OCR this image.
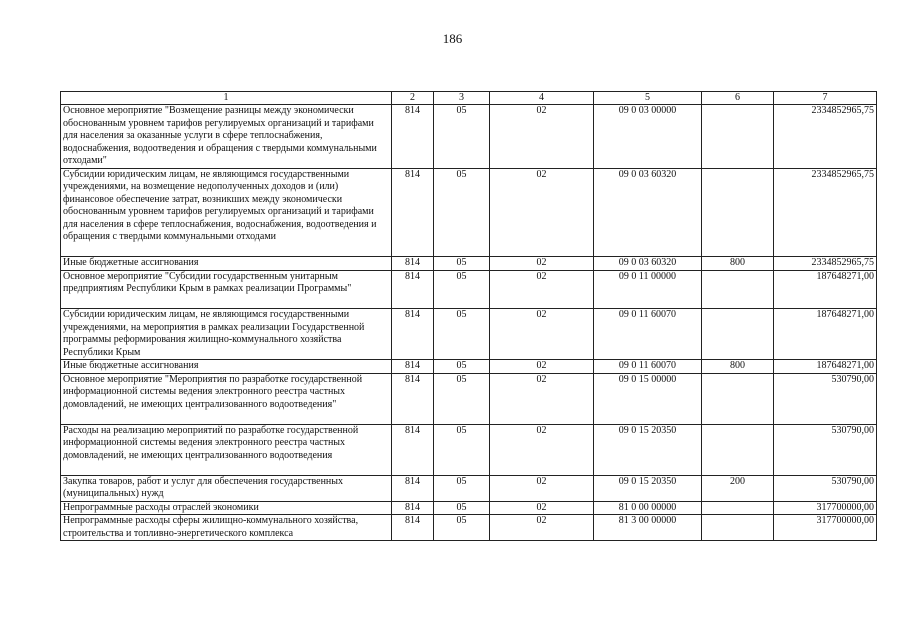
186
1	2	3	4	5	6	7
Основное мероприятие "Возмещение разницы между экономически обоснованным уровнем тарифов регулируемых организаций и тарифами для населения за оказанные услуги в сфере теплоснабжения, водоснабжения, водоотведения и обращения с твердыми коммунальными отходами"	814	05	02	09 0 03 00000		2334852965,75

Субсидии юридическим лицам, не являющимся государственными учреждениями, на возмещение недополученных доходов и (или) финансовое обеспечение затрат, возникших между экономически обоснованным уровнем тарифов регулируемых организаций и тарифами для населения в сфере теплоснабжения, водоснабжения, водоотведения и обращения с твердыми коммунальными отходами	814	05	02	09 0 03 60320		2334852965,75

Иные бюджетные ассигнования	814	05	02	09 0 03 60320	800	2334852965,75

Основное мероприятие "Субсидии государственным унитарным предприятиям Республики Крым в рамках реализации Программы"	814	05	02	09 0 11 00000		187648271,00

Субсидии юридическим лицам, не являющимся государственными учреждениями, на мероприятия в рамках реализации Государственной программы реформирования жилищно-коммунального хозяйства Республики Крым	814	05	02	09 0 11 60070		187648271,00

Иные бюджетные ассигнования	814	05	02	09 0 11 60070	800	187648271,00

Основное мероприятие "Мероприятия по разработке государственной информационной системы ведения электронного реестра частных домовладений, не имеющих централизованного водоотведения"	814	05	02	09 0 15 00000		530790,00

Расходы на реализацию мероприятий по разработке государственной информационной системы ведения электронного реестра частных домовладений, не имеющих централизованного водоотведения	814	05	02	09 0 15 20350		530790,00

Закупка товаров, работ и услуг для обеспечения государственных (муниципальных) нужд	814	05	02	09 0 15 20350	200	530790,00

Непрограммные расходы отраслей экономики	814	05	02	81 0 00 00000		317700000,00

Непрограммные расходы сферы жилищно-коммунального хозяйства, строительства и топливно-энергетического комплекса	814	05	02	81 3 00 00000		317700000,00
